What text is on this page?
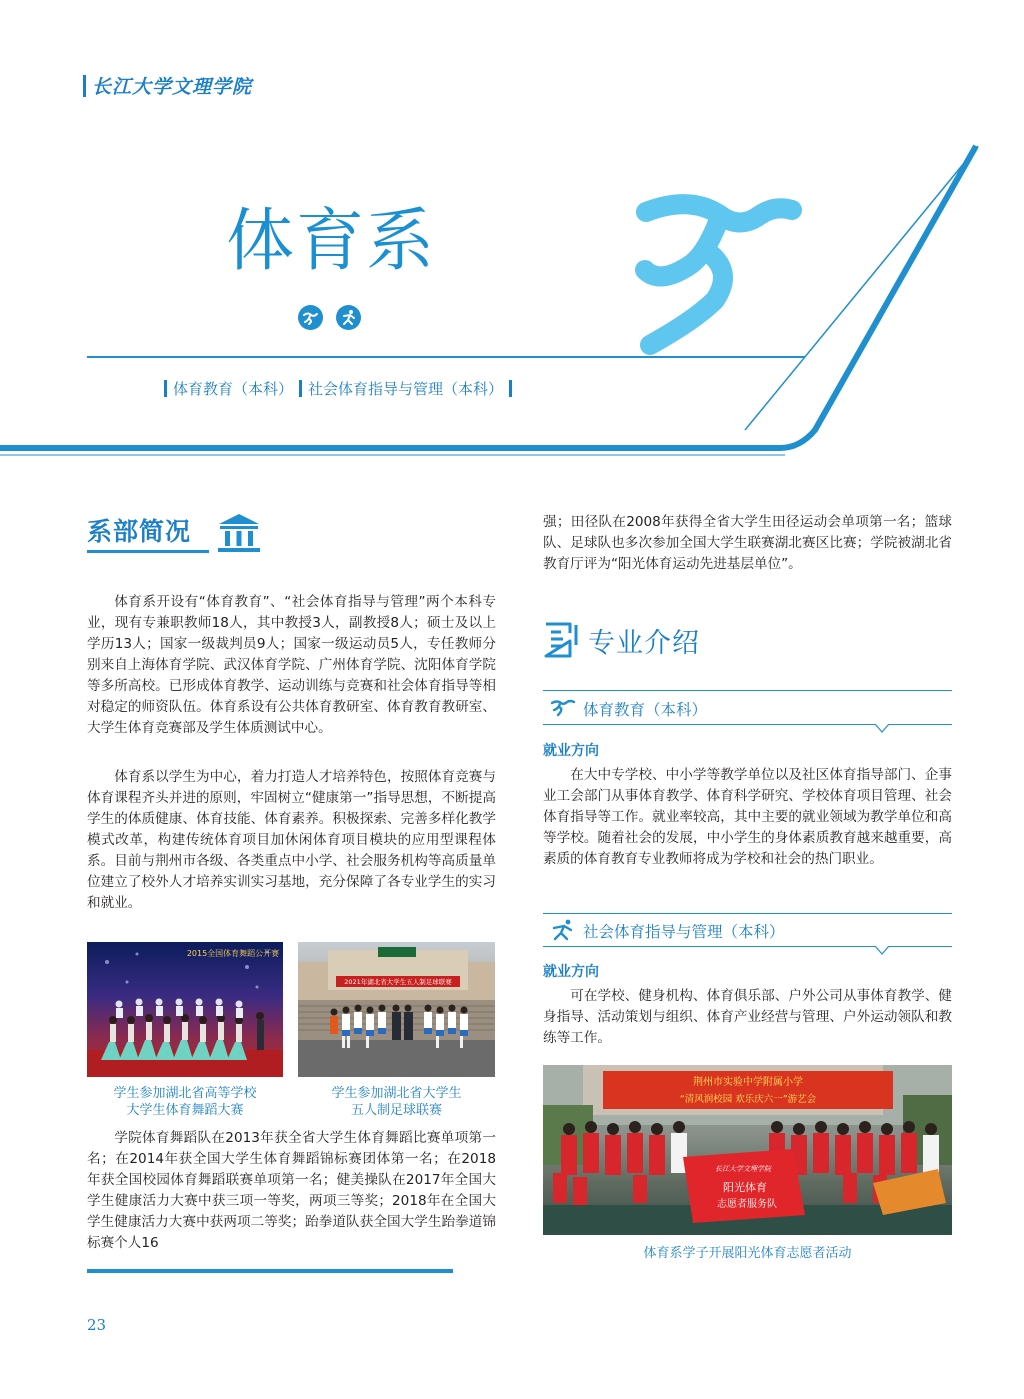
长江大学文理学院
体育系
体育教育（本科） 社会体育指导与管理（本科）
系部简况
体育系开设有“体育教育”、“社会体育指导与管理”两个本科专业，现有专兼职教师18人，其中教授3人，副教授8人；硕士及以上学历13人；国家一级裁判员9人；国家一级运动员5人，专任教师分别来自上海体育学院、武汉体育学院、广州体育学院、沈阳体育学院等多所高校。已形成体育教学、运动训练与竞赛和社会体育指导等相对稳定的师资队伍。体育系设有公共体育教研室、体育教育教研室、大学生体育竞赛部及学生体质测试中心。
体育系以学生为中心，着力打造人才培养特色，按照体育竞赛与体育课程齐头并进的原则，牢固树立“健康第一”指导思想，不断提高学生的体质健康、体育技能、体育素养。积极探索、完善多样化教学模式改革，构建传统体育项目加休闲体育项目模块的应用型课程体系。目前与荆州市各级、各类重点中小学、社会服务机构等高质量单位建立了校外人才培养实训实习基地，充分保障了各专业学生的实习和就业。
2015全国体育舞蹈公开赛
2021年湖北省大学生五人制足球联赛
学生参加湖北省高等学校
大学生体育舞蹈大赛
学生参加湖北省大学生
五人制足球联赛
学院体育舞蹈队在2013年获全省大学生体育舞蹈比赛单项第一名；在2014年获全国大学生体育舞蹈锦标赛团体第一名；在2018年获全国校园体育舞蹈联赛单项第一名；健美操队在2017年全国大学生健康活力大赛中获三项一等奖，两项三等奖；2018年在全国大学生健康活力大赛中获两项二等奖；跆拳道队获全国大学生跆拳道锦标赛个人16
23
强；田径队在2008年获得全省大学生田径运动会单项第一名；篮球队、足球队也多次参加全国大学生联赛湖北赛区比赛；学院被湖北省教育厅评为“阳光体育运动先进基层单位”。
专业介绍
体育教育（本科）
就业方向
在大中专学校、中小学等教学单位以及社区体育指导部门、企事业工会部门从事体育教学、体育科学研究、学校体育项目管理、社会体育指导等工作。就业率较高，其中主要的就业领域为教学单位和高等学校。随着社会的发展，中小学生的身体素质教育越来越重要，高素质的体育教育专业教师将成为学校和社会的热门职业。
社会体育指导与管理（本科）
就业方向
可在学校、健身机构、体育俱乐部、户外公司从事体育教学、健身指导、活动策划与组织、体育产业经营与管理、户外运动领队和教练等工作。
荆州市实验中学附属小学
“清风润校园 欢乐庆六一”游艺会
长江大学文理学院
阳光体育
志愿者服务队
体育系学子开展阳光体育志愿者活动
